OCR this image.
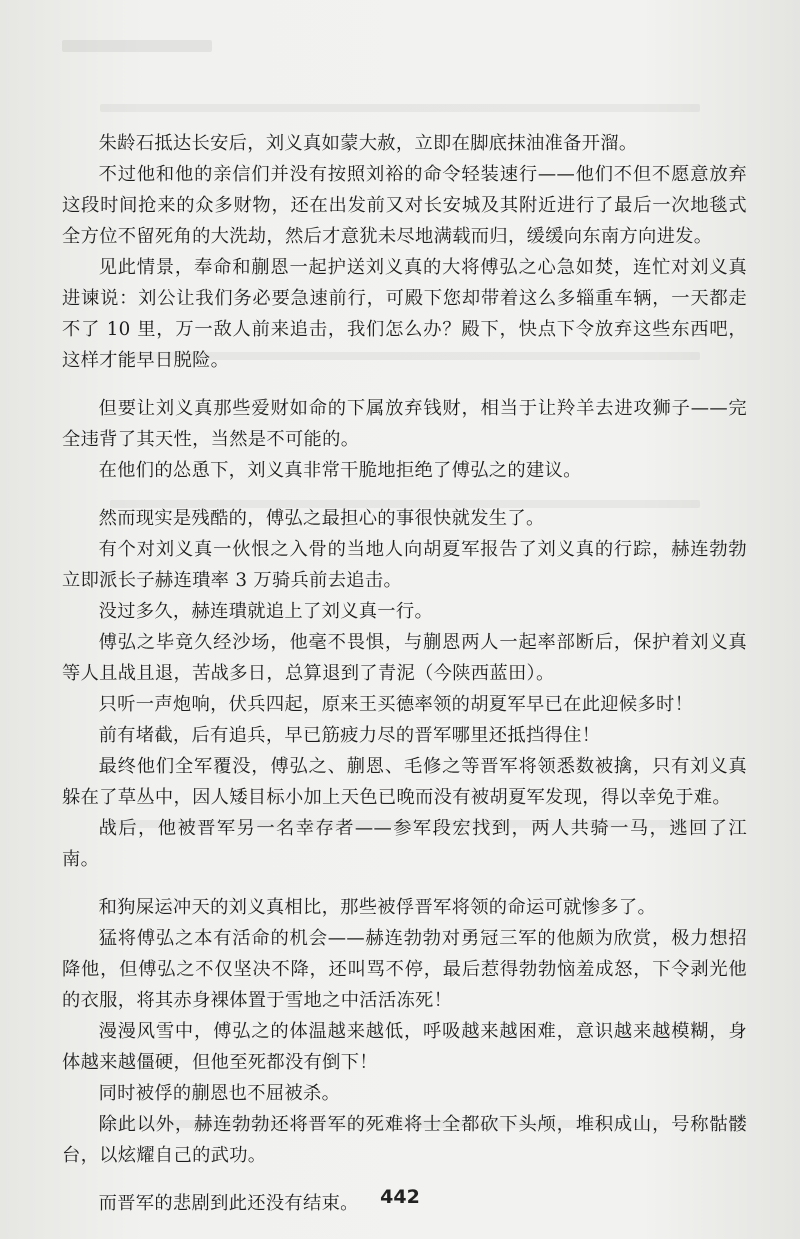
朱龄石抵达长安后，刘义真如蒙大赦，立即在脚底抹油准备开溜。

不过他和他的亲信们并没有按照刘裕的命令轻装速行——他们不但不愿意放弃这段时间抢来的众多财物，还在出发前又对长安城及其附近进行了最后一次地毯式全方位不留死角的大洗劫，然后才意犹未尽地满载而归，缓缓向东南方向进发。

见此情景，奉命和蒯恩一起护送刘义真的大将傅弘之心急如焚，连忙对刘义真进谏说：刘公让我们务必要急速前行，可殿下您却带着这么多辎重车辆，一天都走不了 10 里，万一敌人前来追击，我们怎么办？殿下，快点下令放弃这些东西吧，这样才能早日脱险。

但要让刘义真那些爱财如命的下属放弃钱财，相当于让羚羊去进攻狮子——完全违背了其天性，当然是不可能的。

在他们的怂恿下，刘义真非常干脆地拒绝了傅弘之的建议。

然而现实是残酷的，傅弘之最担心的事很快就发生了。

有个对刘义真一伙恨之入骨的当地人向胡夏军报告了刘义真的行踪，赫连勃勃立即派长子赫连璝率 3 万骑兵前去追击。

没过多久，赫连璝就追上了刘义真一行。

傅弘之毕竟久经沙场，他毫不畏惧，与蒯恩两人一起率部断后，保护着刘义真等人且战且退，苦战多日，总算退到了青泥（今陕西蓝田）。

只听一声炮响，伏兵四起，原来王买德率领的胡夏军早已在此迎候多时！

前有堵截，后有追兵，早已筋疲力尽的晋军哪里还抵挡得住！

最终他们全军覆没，傅弘之、蒯恩、毛修之等晋军将领悉数被擒，只有刘义真躲在了草丛中，因人矮目标小加上天色已晚而没有被胡夏军发现，得以幸免于难。

战后，他被晋军另一名幸存者——参军段宏找到，两人共骑一马，逃回了江南。

和狗屎运冲天的刘义真相比，那些被俘晋军将领的命运可就惨多了。

猛将傅弘之本有活命的机会——赫连勃勃对勇冠三军的他颇为欣赏，极力想招降他，但傅弘之不仅坚决不降，还叫骂不停，最后惹得勃勃恼羞成怒，下令剥光他的衣服，将其赤身裸体置于雪地之中活活冻死！

漫漫风雪中，傅弘之的体温越来越低，呼吸越来越困难，意识越来越模糊，身体越来越僵硬，但他至死都没有倒下！

同时被俘的蒯恩也不屈被杀。

除此以外，赫连勃勃还将晋军的死难将士全都砍下头颅，堆积成山，号称骷髅台，以炫耀自己的武功。

而晋军的悲剧到此还没有结束。	442
